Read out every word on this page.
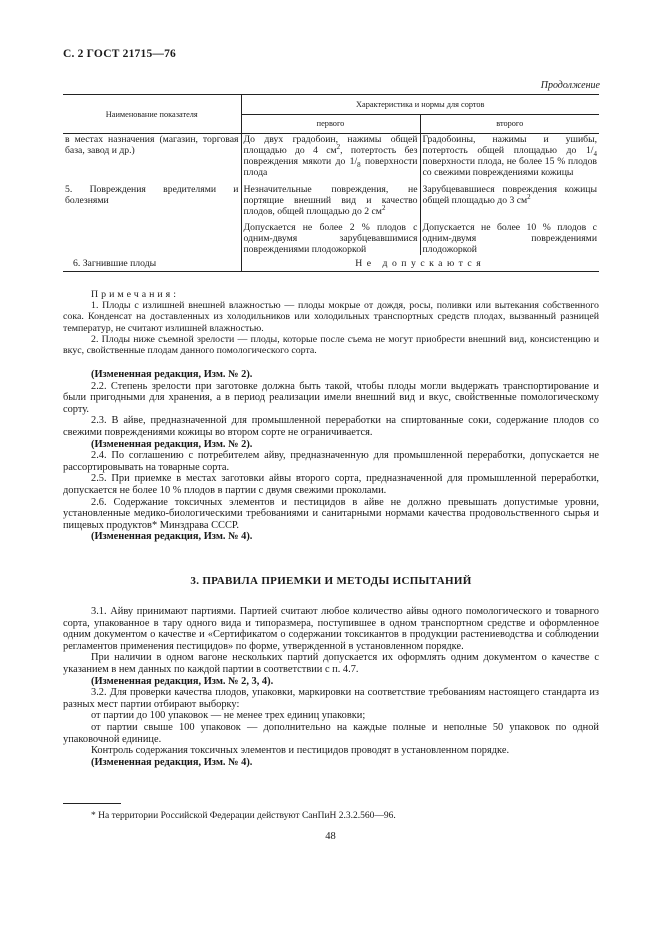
С. 2 ГОСТ 21715—76
Продолжение
Наименование показателя	Характеристика и нормы для сортов	
	первого	второго
в местах назначения (магазин, торговая база, завод и др.)	До двух градобоин, нажимы общей площадью до 4 $см^2$, потертость без повреждения мякоти до $1/_8$ поверхности плода	Градобоины, нажимы и ушибы, потертость общей площадью до $1/_4$ поверхности плода, не более 15 % плодов со свежими повреждениями кожицы

5. Повреждения вредителями и болезнями	Незначительные повреждения, не портящие внешний вид и качество плодов, общей площадью до 2 $см^2$	Зарубцевавшиеся повреждения кожицы общей площадью до 3 $см^2$
	Допускается не более 2 % плодов с одним-двумя зарубцевавшимися повреждениями плодожоркой	Допускается не более 10 % плодов с одним-двумя повреждениями плодожоркой
6. Загнившие плоды	Не допускаются	

Примечания:

1. Плоды с излишней внешней влажностью — плоды мокрые от дождя, росы, поливки или вытекания собственного сока. Конденсат на доставленных из холодильников или холодильных транспортных средств плодах, вызванный разницей температур, не считают излишней влажностью.

2. Плоды ниже съемной зрелости — плоды, которые после съема не могут приобрести внешний вид, консистенцию и вкус, свойственные плодам данного помологического сорта.

(Измененная редакция, Изм. № 2).

2.2. Степень зрелости при заготовке должна быть такой, чтобы плоды могли выдержать транспортирование и были пригодными для хранения, а в период реализации имели внешний вид и вкус, свойственные помологическому сорту.

2.3. В айве, предназначенной для промышленной переработки на спиртованные соки, содержание плодов со свежими повреждениями кожицы во втором сорте не ограничивается.

(Измененная редакция, Изм. № 2).

2.4. По соглашению с потребителем айву, предназначенную для промышленной переработки, допускается не рассортировывать на товарные сорта.

2.5. При приемке в местах заготовки айвы второго сорта, предназначенной для промышленной переработки, допускается не более 10 % плодов в партии с двумя свежими проколами.

2.6. Содержание токсичных элементов и пестицидов в айве не должно превышать допустимые уровни, установленные медико-биологическими требованиями и санитарными нормами качества продовольственного сырья и пищевых продуктов* Минздрава СССР.

(Измененная редакция, Изм. № 4).

3. ПРАВИЛА ПРИЕМКИ И МЕТОДЫ ИСПЫТАНИЙ

3.1. Айву принимают партиями. Партией считают любое количество айвы одного помологического и товарного сорта, упакованное в тару одного вида и типоразмера, поступившее в одном транспортном средстве и оформленное одним документом о качестве и «Сертификатом о содержании токсикантов в продукции растениеводства и соблюдении регламентов применения пестицидов» по форме, утвержденной в установленном порядке.

При наличии в одном вагоне нескольких партий допускается их оформлять одним документом о качестве с указанием в нем данных по каждой партии в соответствии с п. 4.7.

(Измененная редакция, Изм. № 2, 3, 4).

3.2. Для проверки качества плодов, упаковки, маркировки на соответствие требованиям настоящего стандарта из разных мест партии отбирают выборку:

от партии до 100 упаковок — не менее трех единиц упаковки;

от партии свыше 100 упаковок — дополнительно на каждые полные и неполные 50 упаковок по одной упаковочной единице.

Контроль содержания токсичных элементов и пестицидов проводят в установленном порядке.

(Измененная редакция, Изм. № 4).

* На территории Российской Федерации действуют СанПиН 2.3.2.560—96.
48
